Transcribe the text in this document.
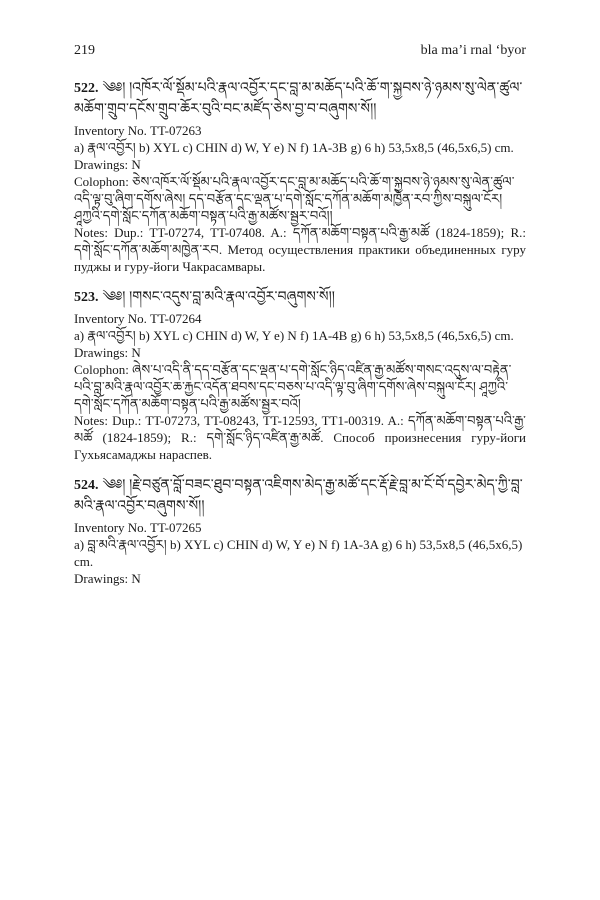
219	bla ma’i rnal ‘byor

522. ༄༅། །འཁོར་ལོ་སྡོམ་པའི་རྣལ་འབྱོར་དང་བླ་མ་མཆོད་པའི་ཆོ་ག་སྐྱབས་ཉེ་ཉམས་སུ་ལེན་ཚུལ་མཆོག་གྲུབ་དངོས་གྲུབ་ཆོར་བུའི་བང་མཛོད་ཅེས་བྱ་བ་བཞུགས་སོ།།

Inventory No. TT-07263

a) རྣལ་འབྱོར། b) XYL c) CHIN d) W, Y e) N f) 1A-3B g) 6 h) 53,5x8,5 (46,5x6,5) cm.

Drawings: N

Colophon: ཅེས་འཁོར་ལོ་སྡོམ་པའི་རྣལ་འབྱོར་དང་བླ་མ་མཆོད་པའི་ཆོ་ག་སྐྱབས་ཉེ་ཉམས་སུ་ལེན་ཚུལ་འདི་ལྟ་བུ་ཞིག་དགོས་ཞེས། དད་བརྩོན་དང་ལྡན་པ་དགེ་སློང་དཀོན་མཆོག་མཁྱེན་རབ་ཀྱིས་བསྐུལ་ངོར། ཤཱཀྱའི་དགེ་སློང་དཀོན་མཆོག་བསྟན་པའི་རྒྱ་མཚོས་སྦྱར་བའོ།།

Notes: Dup.: TT-07274, TT-07408. A.: དཀོན་མཆོག་བསྟན་པའི་རྒྱ་མཚོ (1824-1859); R.: དགེ་སློང་དཀོན་མཆོག་མཁྱེན་རབ. Метод осуществления практики объединенных гуру пуджы и гуру-йоги Чакрасамвары.

523. ༄༅། །གསང་འདུས་བླ་མའི་རྣལ་འབྱོར་བཞུགས་སོ།།

Inventory No. TT-07264

a) རྣལ་འབྱོར། b) XYL c) CHIN d) W, Y e) N f) 1A-4B g) 6 h) 53,5x8,5 (46,5x6,5) cm.

Drawings: N

Colophon: ཞེས་པ་འདི་ནི་དད་བརྩོན་དང་ལྡན་པ་དགེ་སློང་ཉིད་འཛིན་རྒྱ་མཚོས་གསང་འདུས་ལ་བརྟེན་པའི་བླ་མའི་རྣལ་འབྱོར་ཆ་རྐྱང་འདོན་ཐབས་དང་བཅས་པ་འདི་ལྟ་བུ་ཞིག་དགོས་ཞེས་བསྐུལ་ངོར། ཤཱཀྱའི་དགེ་སློང་དཀོན་མཆོག་བསྟན་པའི་རྒྱ་མཚོས་སྦྱར་བའོ།

Notes: Dup.: TT-07273, TT-08243, TT-12593, TT1-00319. A.: དཀོན་མཆོག་བསྟན་པའི་རྒྱ་མཚོ (1824-1859); R.: དགེ་སློང་ཉིད་འཛིན་རྒྱ་མཚོ. Способ произнесения гуру-йоги Гухьясамаджы нараспев.

524. ༄༅། །རྗེ་བཙུན་བློ་བཟང་ཐུབ་བསྟན་འཇིགས་མེད་རྒྱ་མཚོ་དང་རྡོ་རྗེ་བླ་མ་ངོ་བོ་དབྱེར་མེད་ཀྱི་བླ་མའི་རྣལ་འབྱོར་བཞུགས་སོ།།

Inventory No. TT-07265

a) བླ་མའི་རྣལ་འབྱོར། b) XYL c) CHIN d) W, Y e) N f) 1A-3A g) 6 h) 53,5x8,5 (46,5x6,5) cm.

Drawings: N
